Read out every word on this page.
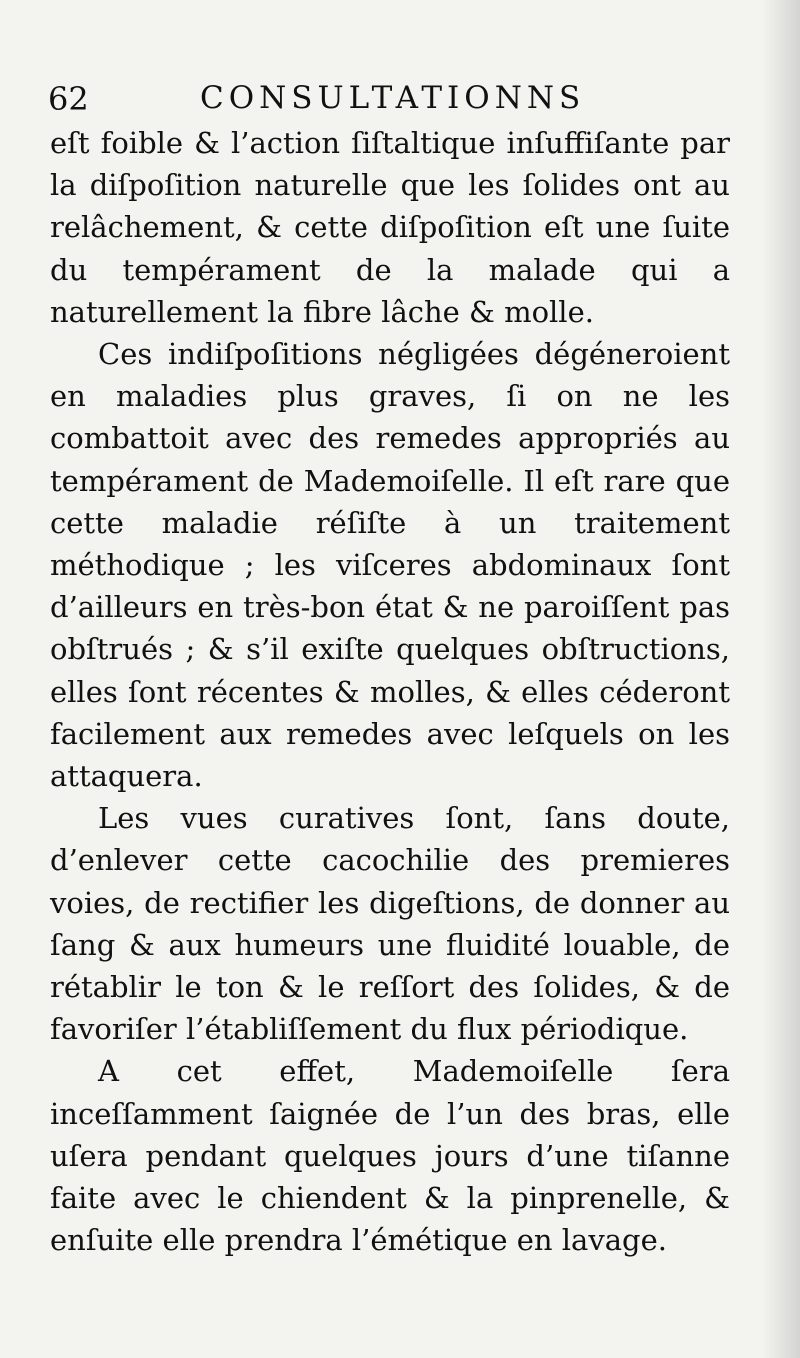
62	CONSULTATIONNS

eſt foible & l’action ſiſtaltique inſuffiſante par la diſpoſition naturelle que les ſolides ont au relâchement, & cette diſpoſition eſt une ſuite du tempérament de la malade qui a naturellement la fibre lâche & molle.

Ces indiſpoſitions négligées dégéneroient en maladies plus graves, ſi on ne les combattoit avec des remedes appropriés au tempérament de Mademoiſelle. Il eſt rare que cette maladie réſiſte à un traitement méthodique ; les viſceres abdominaux ſont d’ailleurs en très-bon état & ne paroiſſent pas obſtrués ; & s’il exiſte quelques obſtructions, elles ſont récentes & molles, & elles céderont facilement aux remedes avec leſquels on les attaquera.

Les vues curatives ſont, ſans doute, d’enlever cette cacochilie des premieres voies, de rectifier les digeſtions, de donner au ſang & aux humeurs une fluidité louable, de rétablir le ton & le reſſort des ſolides, & de favoriſer l’établiſſement du flux périodique.

A cet effet, Mademoiſelle ſera inceſſamment ſaignée de l’un des bras, elle uſera pendant quelques jours d’une tiſanne faite avec le chiendent & la pinprenelle, & enſuite elle prendra l’émétique en lavage.
